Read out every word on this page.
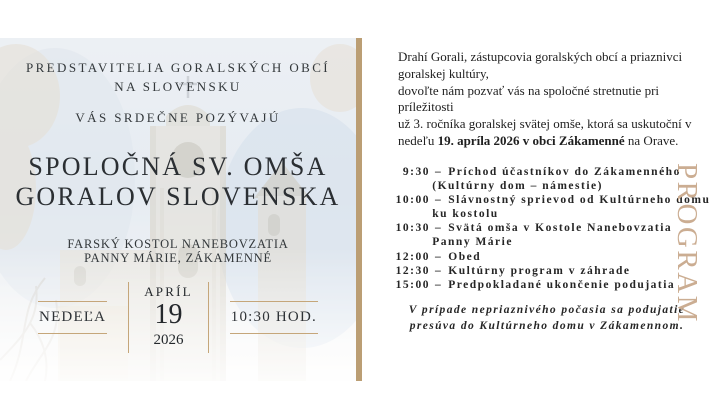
PREDSTAVITELIA GORALSKÝCH OBCÍ
NA SLOVENSKU
VÁS SRDEČNE POZÝVAJÚ
SPOLOČNÁ SV. OMŠA
GORALOV SLOVENSKA
FARSKÝ KOSTOL NANEBOVZATIA
PANNY MÁRIE, ZÁKAMENNÉ
NEDEĽA
APRÍL
19
2026
10:30 HOD.

Drahí Gorali, zástupcovia goralských obcí a priaznivci
goralskej kultúry,
dovoľte nám pozvať vás na spoločné stretnutie pri príležitosti
už 3. ročníka goralskej svätej omše, ktorá sa uskutoční v
nedeľu 19. apríla 2026 v obci Zákamenné na Orave.

9:30 – Príchod účastníkov do Zákamenného
(Kultúrny dom – námestie)
10:00 – Slávnostný sprievod od Kultúrneho domu
ku kostolu
10:30 – Svätá omša v Kostole Nanebovzatia
Panny Márie
12:00 – Obed
12:30 – Kultúrny program v záhrade
15:00 – Predpokladané ukončenie podujatia

V prípade nepriaznivého počasia sa podujatie
presúva do Kultúrneho domu v Zákamennom.

PROGRAM
